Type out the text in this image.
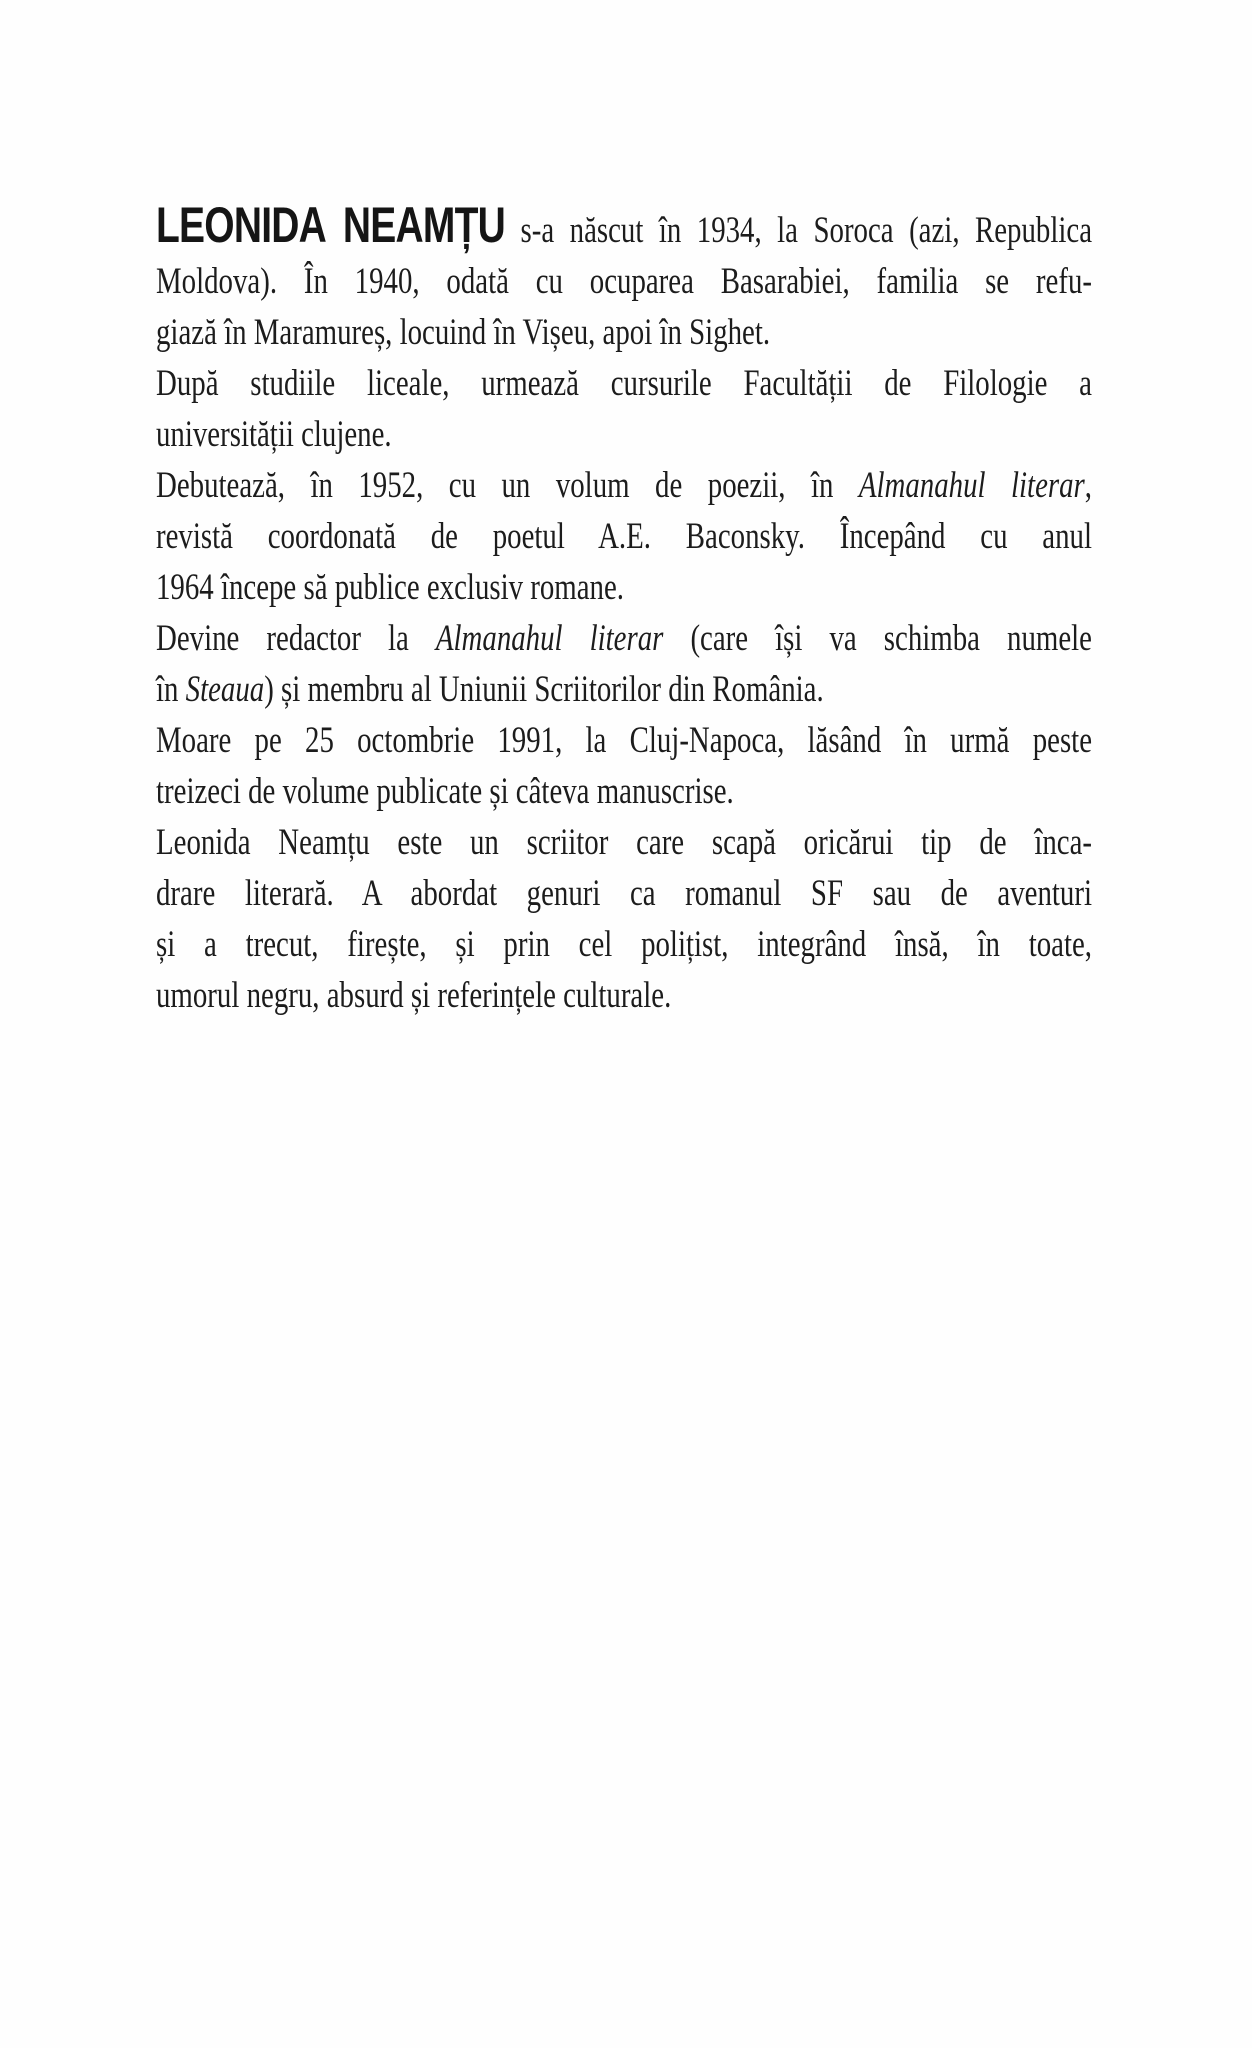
LEONIDA NEAMȚU s-a născut în 1934, la Soroca (azi, Republica
Moldova). În 1940, odată cu ocuparea Basarabiei, familia se refu-
giază în Maramureș, locuind în Vișeu, apoi în Sighet.
După studiile liceale, urmează cursurile Facultății de Filologie a
universității clujene.
Debutează, în 1952, cu un volum de poezii, în Almanahul literar,
revistă coordonată de poetul A.E. Baconsky. Începând cu anul
1964 începe să publice exclusiv romane.
Devine redactor la Almanahul literar (care își va schimba numele
în Steaua) și membru al Uniunii Scriitorilor din România.
Moare pe 25 octombrie 1991, la Cluj-Napoca, lăsând în urmă peste
treizeci de volume publicate și câteva manuscrise.
Leonida Neamțu este un scriitor care scapă oricărui tip de înca-
drare literară. A abordat genuri ca romanul SF sau de aventuri
și a trecut, firește, și prin cel polițist, integrând însă, în toate,
umorul negru, absurd și referințele culturale.
